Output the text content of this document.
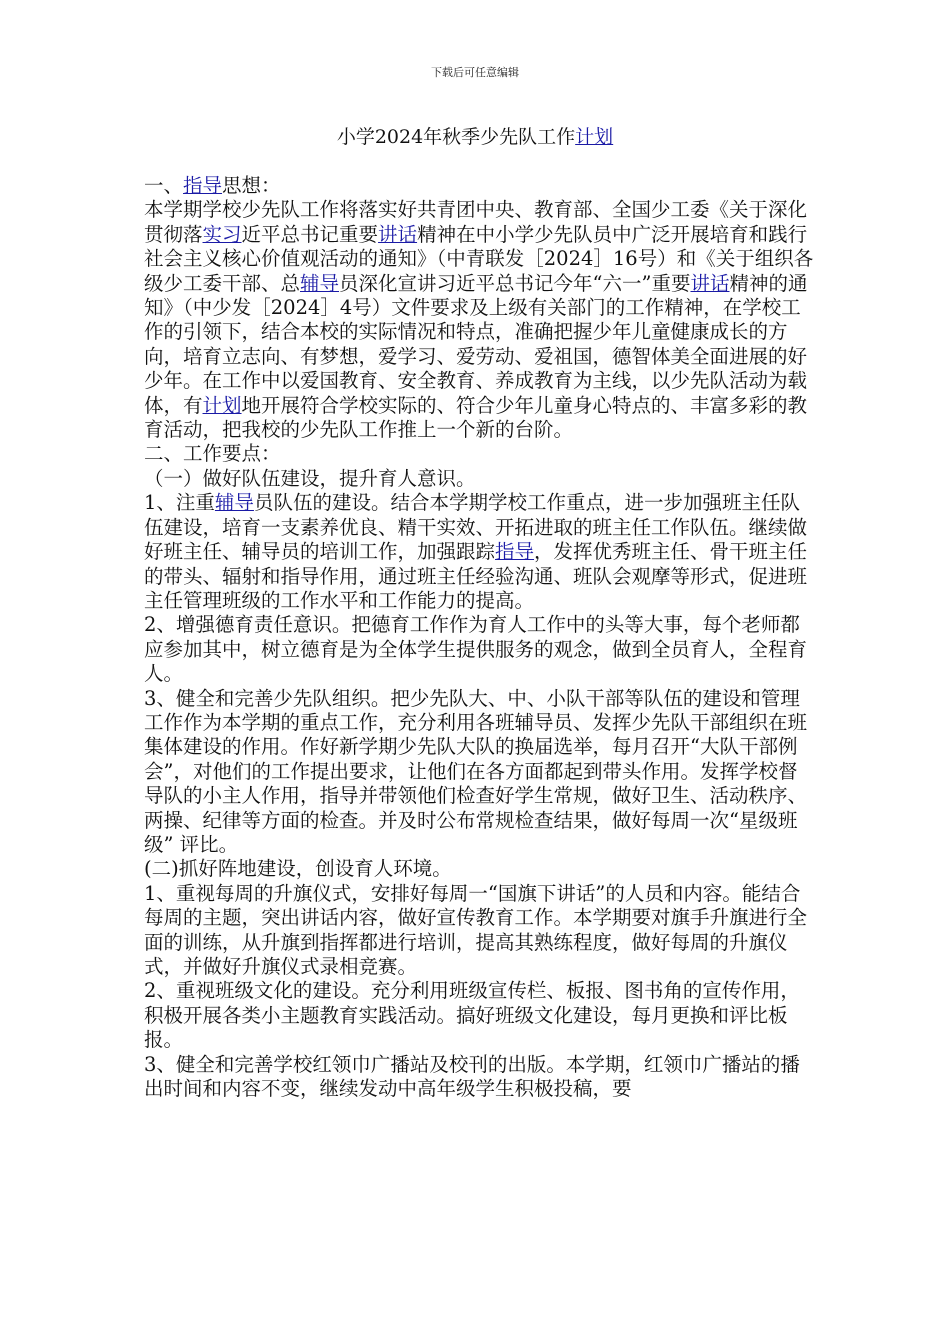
下载后可任意编辑
小学2024年秋季少先队工作计划

一、指导思想：

本学期学校少先队工作将落实好共青团中央、教育部、全国少工委《关于深化贯彻落实习近平总书记重要讲话精神在中小学少先队员中广泛开展培育和践行社会主义核心价值观活动的通知》（中青联发［2024］16号）和《关于组织各级少工委干部、总辅导员深化宣讲习近平总书记今年“六一”重要讲话精神的通知》（中少发［2024］4号）文件要求及上级有关部门的工作精神，在学校工作的引领下，结合本校的实际情况和特点，准确把握少年儿童健康成长的方向，培育立志向、有梦想，爱学习、爱劳动、爱祖国，德智体美全面进展的好少年。在工作中以爱国教育、安全教育、养成教育为主线，以少先队活动为载体，有计划地开展符合学校实际的、符合少年儿童身心特点的、丰富多彩的教育活动，把我校的少先队工作推上一个新的台阶。

二、工作要点：

（一）做好队伍建设，提升育人意识。

1、注重辅导员队伍的建设。结合本学期学校工作重点，进一步加强班主任队伍建设，培育一支素养优良、精干实效、开拓进取的班主任工作队伍。继续做好班主任、辅导员的培训工作，加强跟踪指导，发挥优秀班主任、骨干班主任的带头、辐射和指导作用，通过班主任经验沟通、班队会观摩等形式，促进班主任管理班级的工作水平和工作能力的提高。

2、增强德育责任意识。把德育工作作为育人工作中的头等大事，每个老师都应参加其中，树立德育是为全体学生提供服务的观念，做到全员育人，全程育人。

3、健全和完善少先队组织。把少先队大、中、小队干部等队伍的建设和管理工作作为本学期的重点工作，充分利用各班辅导员、发挥少先队干部组织在班集体建设的作用。作好新学期少先队大队的换届选举，每月召开“大队干部例会”，对他们的工作提出要求，让他们在各方面都起到带头作用。发挥学校督导队的小主人作用，指导并带领他们检查好学生常规，做好卫生、活动秩序、两操、纪律等方面的检查。并及时公布常规检查结果，做好每周一次“星级班级” 评比。

(二)抓好阵地建设，创设育人环境。

1、重视每周的升旗仪式，安排好每周一“国旗下讲话”的人员和内容。能结合每周的主题，突出讲话内容，做好宣传教育工作。本学期要对旗手升旗进行全面的训练，从升旗到指挥都进行培训，提高其熟练程度，做好每周的升旗仪式，并做好升旗仪式录相竞赛。

2、重视班级文化的建设。充分利用班级宣传栏、板报、图书角的宣传作用，积极开展各类小主题教育实践活动。搞好班级文化建设，每月更换和评比板报。

3、健全和完善学校红领巾广播站及校刊的出版。本学期，红领巾广播站的播出时间和内容不变，继续发动中高年级学生积极投稿，要
